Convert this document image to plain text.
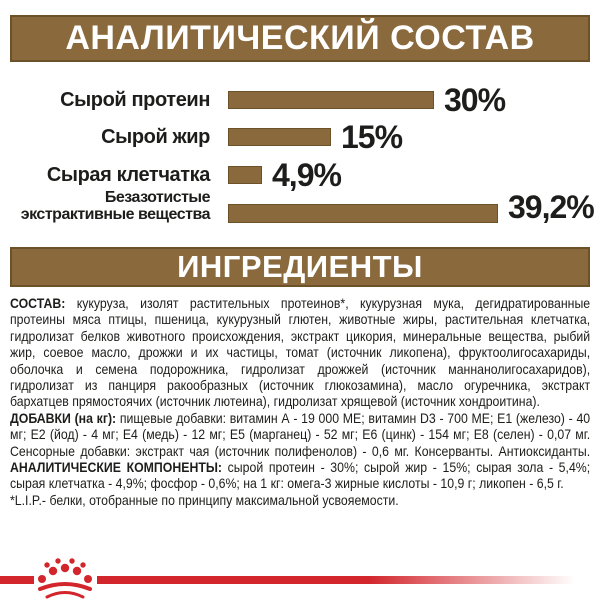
АНАЛИТИЧЕСКИЙ СОСТАВ
Сырой протеин	30%
Сырой жир	15%
Сырая клетчатка 4,9%
Безазотистые
экстрактивные вещества	39,2%
ИНГРЕДИЕНТЫ

СОСТАВ: кукуруза, изолят растительных протеинов*, кукурузная мука, дегидратированные протеины мяса птицы, пшеница, кукурузный глютен, животные жиры, растительная клетчатка, гидролизат белков животного происхождения, экстракт цикория, минеральные вещества, рыбий жир, соевое масло, дрожжи и их частицы, томат (источник ликопена), фруктоолигосахариды, оболочка и семена подорожника, гидролизат дрожжей (источник маннанолигосахаридов), гидролизат из панциря ракообразных (источник глюкозамина), масло огуречника, экстракт бархатцев прямостоячих (источник лютеина), гидролизат хрящевой (источник хондроитина).

ДОБАВКИ (на кг): пищевые добавки: витамин А - 19 000 МЕ; витамин D3 - 700 МЕ; Е1 (железо) - 40 мг; Е2 (йод) - 4 мг; Е4 (медь) - 12 мг; Е5 (марганец) - 52 мг; Е6 (цинк) - 154 мг; Е8 (селен) - 0,07 мг. Сенсорные добавки: экстракт чая (источник полифенолов) - 0,6 мг. Консерванты. Антиоксиданты. АНАЛИТИЧЕСКИЕ КОМПОНЕНТЫ: сырой протеин - 30%; сырой жир - 15%; сырая зола - 5,4%; сырая клетчатка - 4,9%; фосфор - 0,6%; на 1 кг: омега-3 жирные кислоты - 10,9 г; ликопен - 6,5 г.

*L.I.P.- белки, отобранные по принципу максимальной усвояемости.
